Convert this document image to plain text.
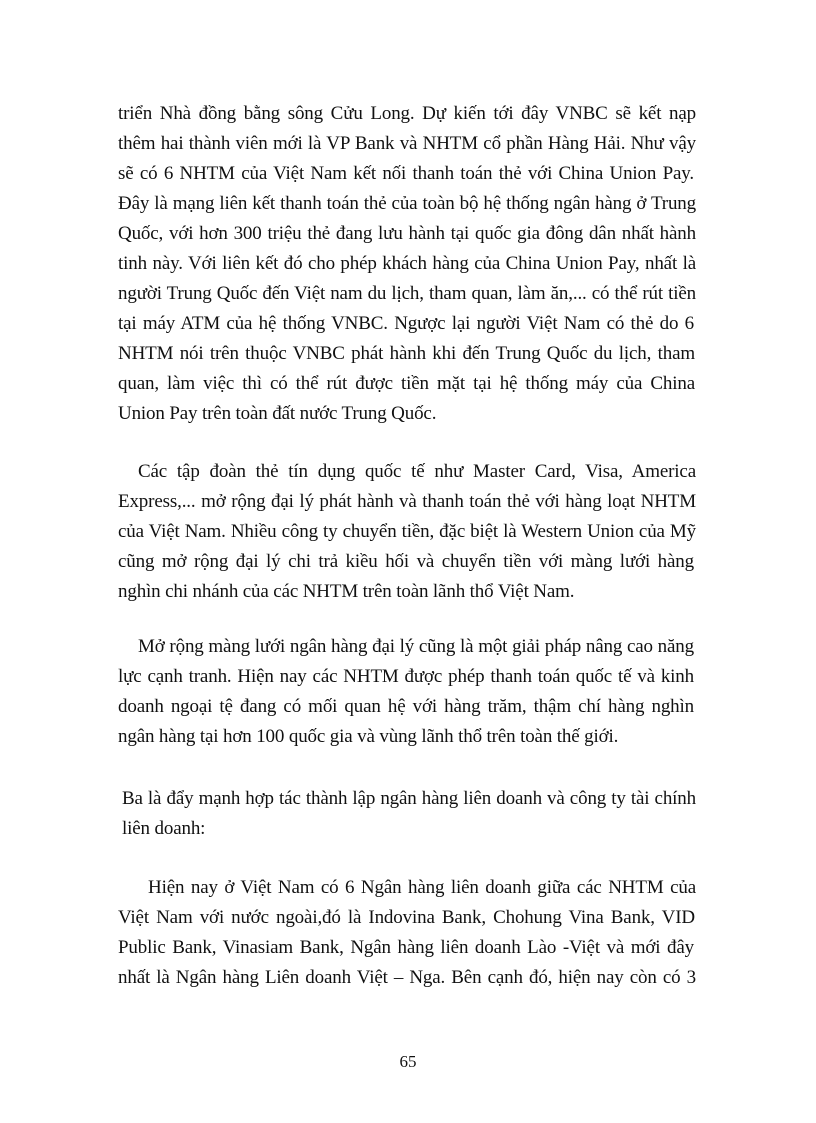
triển Nhà đồng bằng sông Cửu Long. Dự kiến tới đây VNBC sẽ kết nạp
thêm hai thành viên mới là VP Bank và NHTM cổ phần Hàng Hải. Như vậy
sẽ có 6 NHTM của Việt Nam kết nối thanh toán thẻ với China Union Pay.
Đây là mạng liên kết thanh toán thẻ của toàn bộ hệ thống ngân hàng ở Trung
Quốc, với hơn 300 triệu thẻ đang lưu hành tại quốc gia đông dân nhất hành
tinh này. Với liên kết đó cho phép khách hàng của China Union Pay, nhất là
người Trung Quốc đến Việt nam du lịch, tham quan, làm ăn,... có thể rút tiền
tại máy ATM của hệ thống VNBC. Ngược lại người Việt Nam có thẻ do 6
NHTM nói trên thuộc VNBC phát hành khi đến Trung Quốc du lịch, tham
quan, làm việc thì có thể rút được tiền mặt tại hệ thống máy của China
Union Pay trên toàn đất nước Trung Quốc.
Các tập đoàn thẻ tín dụng quốc tế như Master Card, Visa, America
Express,... mở rộng đại lý phát hành và thanh toán thẻ với hàng loạt NHTM
của Việt Nam. Nhiều công ty chuyển tiền, đặc biệt là Western Union của Mỹ
cũng mở rộng đại lý chi trả kiều hối và chuyển tiền với màng lưới hàng
nghìn chi nhánh của các NHTM trên toàn lãnh thổ Việt Nam.
Mở rộng màng lưới ngân hàng đại lý cũng là một giải pháp nâng cao năng
lực cạnh tranh. Hiện nay các NHTM được phép thanh toán quốc tế và kinh
doanh ngoại tệ đang có mối quan hệ với hàng trăm, thậm chí hàng nghìn
ngân hàng tại hơn 100 quốc gia và vùng lãnh thổ trên toàn thế giới.
Ba là đẩy mạnh hợp tác thành lập ngân hàng liên doanh và công ty tài chính
liên doanh:
Hiện nay ở Việt Nam có 6 Ngân hàng liên doanh giữa các NHTM của
Việt Nam với nước ngoài,đó là Indovina Bank, Chohung Vina Bank, VID
Public Bank, Vinasiam Bank, Ngân hàng liên doanh Lào -Việt và mới đây
nhất là Ngân hàng Liên doanh Việt – Nga. Bên cạnh đó, hiện nay còn có 3
65
